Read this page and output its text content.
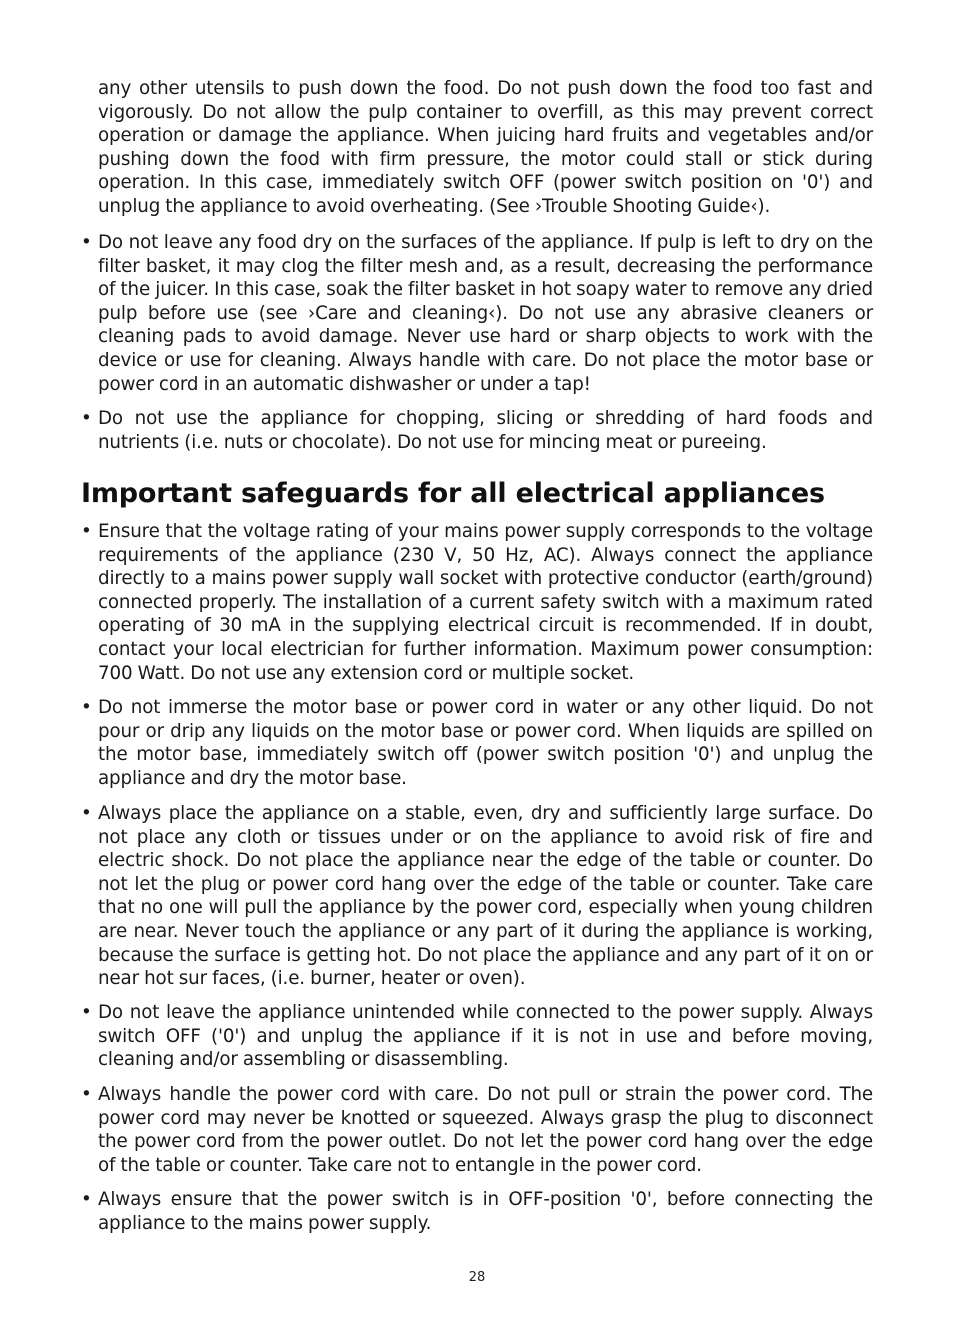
any other utensils to push down the food. Do not push down the food too fast and vigorously. Do not allow the pulp container to overfill, as this may prevent correct operation or damage the appliance. When juicing hard fruits and vegetables and/or pushing down the food with firm pressure, the motor could stall or stick during operation. In this case, immediately switch OFF (power switch position on '0') and unplug the appliance to avoid overheating. (See ›Trouble Shooting Guide‹).
• Do not leave any food dry on the surfaces of the appliance. If pulp is left to dry on the filter basket, it may clog the filter mesh and, as a result, decreasing the performance of the juicer. In this case, soak the filter basket in hot soapy water to remove any dried pulp before use (see ›Care and cleaning‹). Do not use any abrasive cleaners or cleaning pads to avoid damage. Never use hard or sharp objects to work with the device or use for cleaning. Always handle with care. Do not place the motor base or power cord in an automatic dishwasher or under a tap!
• Do not use the appliance for chopping, slicing or shredding of hard foods and nutrients (i.e. nuts or chocolate). Do not use for mincing meat or pureeing.
Important safeguards for all electrical appliances
• Ensure that the voltage rating of your mains power supply corresponds to the voltage requirements of the appliance (230 V, 50 Hz, AC). Always connect the appliance directly to a mains power supply wall socket with protective conductor (earth/ground) connected properly. The installation of a current safety switch with a maximum rated operating of 30 mA in the supplying electrical circuit is recommended. If in doubt, contact your local electrician for further information. Maximum power consumption: 700 Watt. Do not use any extension cord or multiple socket.
• Do not immerse the motor base or power cord in water or any other liquid. Do not pour or drip any liquids on the motor base or power cord. When liquids are spilled on the motor base, immediately switch off (power switch position '0') and unplug the appliance and dry the motor base.
• Always place the appliance on a stable, even, dry and sufficiently large surface. Do not place any cloth or tissues under or on the appliance to avoid risk of fire and electric shock. Do not place the appliance near the edge of the table or counter. Do not let the plug or power cord hang over the edge of the table or counter. Take care that no one will pull the appliance by the power cord, especially when young children are near. Never touch the appliance or any part of it during the appliance is working, because the surface is getting hot. Do not place the appliance and any part of it on or near hot sur faces, (i.e. burner, heater or oven).
• Do not leave the appliance unintended while connected to the power supply. Always switch OFF ('0') and unplug the appliance if it is not in use and before moving, cleaning and/or assembling or disassembling.
• Always handle the power cord with care. Do not pull or strain the power cord. The power cord may never be knotted or squeezed. Always grasp the plug to disconnect the power cord from the power outlet. Do not let the power cord hang over the edge of the table or counter. Take care not to entangle in the power cord.
• Always ensure that the power switch is in OFF-position '0', before connecting the appliance to the mains power supply.
28
